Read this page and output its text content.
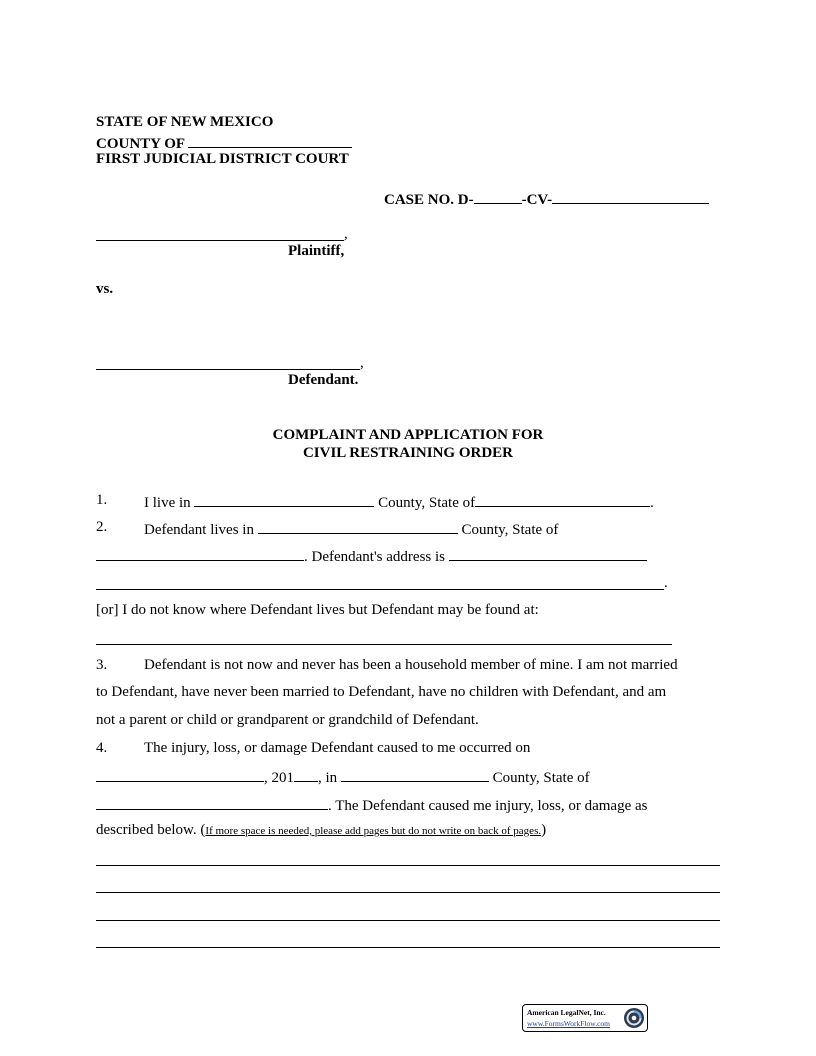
STATE OF NEW MEXICO
COUNTY OF
FIRST JUDICIAL DISTRICT COURT
CASE NO. D-	-CV-
,
Plaintiff,
vs.
,
Defendant.
COMPLAINT AND APPLICATION FOR
CIVIL RESTRAINING ORDER
1. I live in	County, State of	.
2. Defendant lives in	County, State of
. Defendant's address is
.
[or] I do not know where Defendant lives but Defendant may be found at:
3. Defendant is not now and never has been a household member of mine. I am not married
to Defendant, have never been married to Defendant, have no children with Defendant, and am
not a parent or child or grandparent or grandchild of Defendant.
4. The injury, loss, or damage Defendant caused to me occurred on
, 201 , in	County, State of
. The Defendant caused me injury, loss, or damage as
described below. (If more space is needed, please add pages but do not write on back of pages.)
American LegalNet, Inc.
www.FormsWorkFlow.com
